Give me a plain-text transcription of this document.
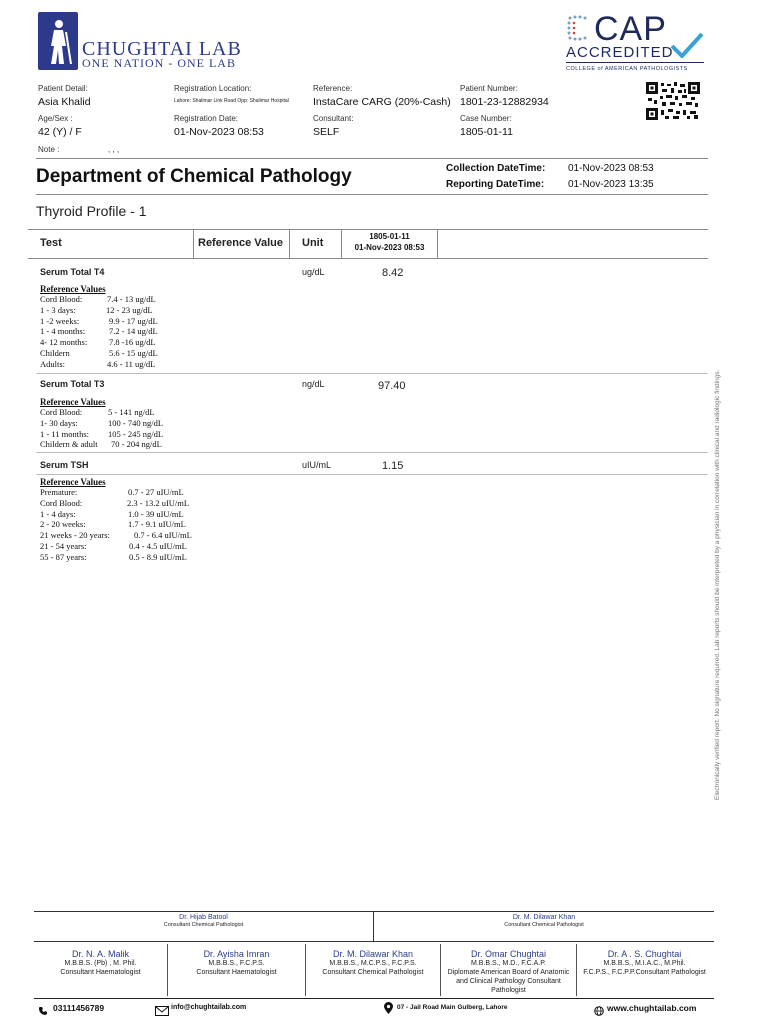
CHUGHTAI LAB
ONE NATION - ONE LAB
CAP
ACCREDITED
COLLEGE of AMERICAN PATHOLOGISTS
Patient Detail:
Asia Khalid
Age/Sex :
42 (Y) / F
Note :	, , ,
Registration Location:
Lahore: Shalimar Link Road Opp: Shalimar Hospital
Registration Date:
01-Nov-2023 08:53
Reference:
InstaCare CARG (20%-Cash)
Consultant:
SELF
Patient Number:
1801-23-12882934
Case Number:
1805-01-11
Department of Chemical Pathology	Collection DateTime: 01-Nov-2023 08:53
Reporting DateTime: 01-Nov-2023 13:35
Thyroid Profile - 1
Test	Reference Value Unit
1805-01-11
01-Nov-2023 08:53
Serum Total T4	ug/dL	8.42
Reference Values
Cord Blood:	7.4 - 13 ug/dL
1 - 3 days:	12 - 23 ug/dL
1 -2 weeks:	9.9 - 17 ug/dL
1 - 4 months:	7.2 - 14 ug/dL
4- 12 months:	7.8 -16 ug/dL
Childern	5.6 - 15 ug/dL
Adults:	4.6 - 11 ug/dL
Serum Total T3	ng/dL	97.40
Reference Values
Cord Blood:	5 - 141 ng/dL
1- 30 days:	100 - 740 ng/dL
1 - 11 months: 105 - 245 ng/dL
Childern & adult 70 - 204 ng/dL
Serum TSH	uIU/mL	1.15
Reference Values
Premature:	0.7 - 27 uIU/mL
Cord Blood:	2.3 - 13.2 uIU/mL
1 - 4 days:	1.0 - 39 uIU/mL
2 - 20 weeks:	1.7 - 9.1 uIU/mL
21 weeks - 20 years:	0.7 - 6.4 uIU/mL
21 - 54 years:	0.4 - 4.5 uIU/mL
55 - 87 years:	0.5 - 8.9 uIU/mL	Electronically verified report. No signature required. Lab reports should be interpreted by a physician in correlation with clinical and radiologic findings.
Dr. Hijab Batool
Consultant Chemical Pathologist
Dr. M. Dilawar Khan
Consultant Chemical Pathologist
Dr. N. A. Malik
M.B.B.S. (Pb) , M. Phil.
Consultant Haematologist
Dr. Ayisha Imran
M.B.B.S., F.C.P.S.
Consultant Haematologist
Dr. M. Dilawar Khan
M.B.B.S., M.C.P.S., F.C.P.S.
Consultant Chemical Pathologist
Dr. Omar Chughtai
M.B.B.S., M.D., F.C.A.P.
Diplomate American Board of Anatomic and Clinical Pathology Consultant Pathologist
Dr. A . S. Chughtai
M.B.B.S., M.I.A.C., M.Phil.
F.C.P.S., F.C.P.P.Consultant Pathologist
03111456789	info@chughtailab.com	07 - Jail Road Main Gulberg, Lahore	www.chughtailab.com
